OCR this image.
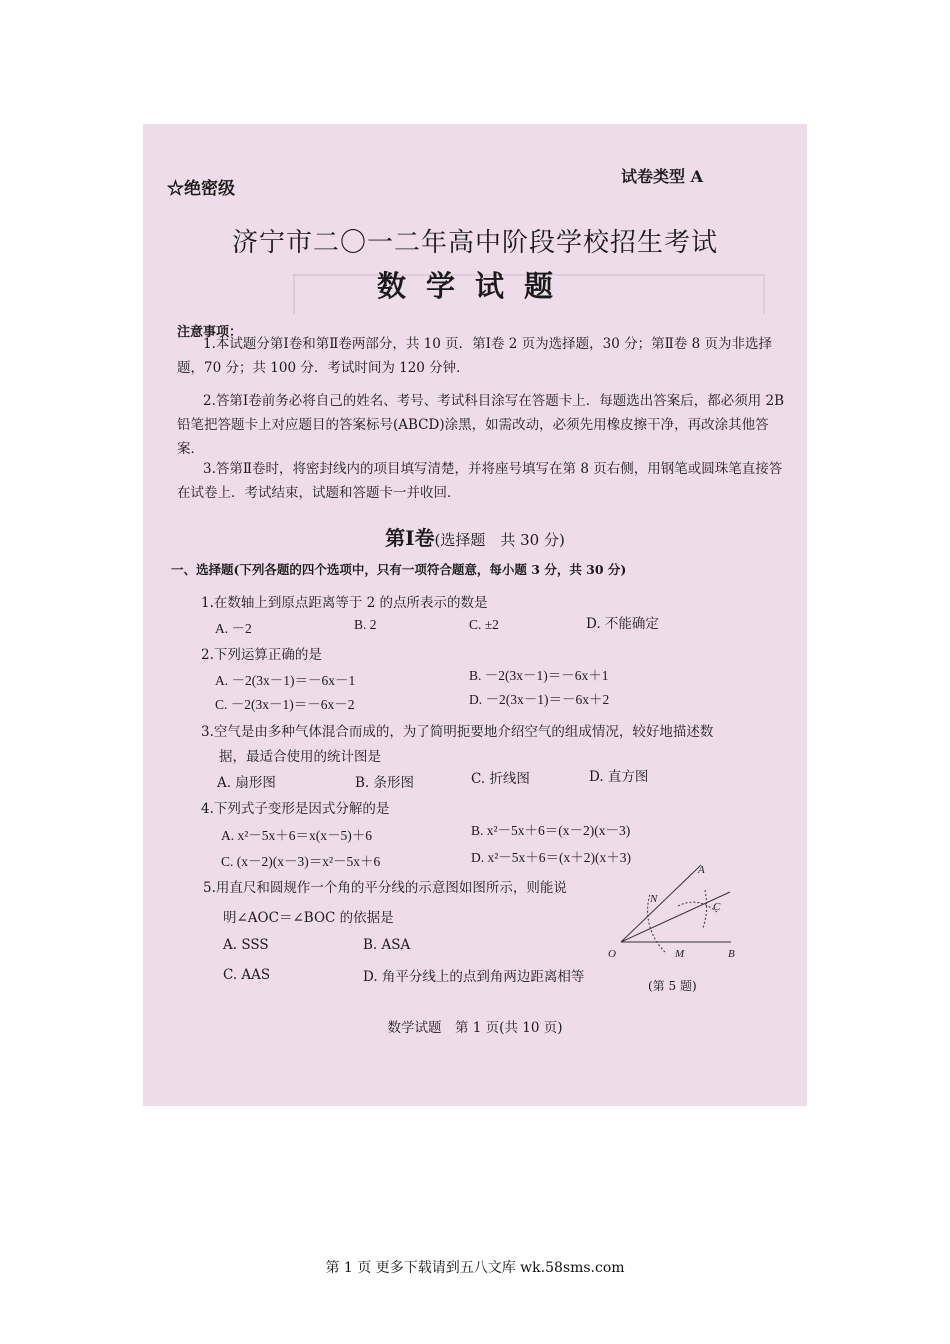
☆绝密级
试卷类型 A
济宁市二〇一二年高中阶段学校招生考试
数学试题
注意事项：
1.本试题分第Ⅰ卷和第Ⅱ卷两部分，共 10 页．第Ⅰ卷 2 页为选择题，30 分；第Ⅱ卷 8 页为非选择题，70 分；共 100 分．考试时间为 120 分钟．
2.答第Ⅰ卷前务必将自己的姓名、考号、考试科目涂写在答题卡上．每题选出答案后，都必须用 2B 铅笔把答题卡上对应题目的答案标号(ABCD)涂黑，如需改动，必须先用橡皮擦干净，再改涂其他答案．
3.答第Ⅱ卷时，将密封线内的项目填写清楚，并将座号填写在第 8 页右侧，用钢笔或圆珠笔直接答在试卷上．考试结束，试题和答题卡一并收回．
第Ⅰ卷(选择题　共 30 分)
一、选择题(下列各题的四个选项中，只有一项符合题意，每小题 3 分，共 30 分)
1.在数轴上到原点距离等于 2 的点所表示的数是
A. －2	B. 2	C. ±2	D. 不能确定
2.下列运算正确的是
A. －2(3x－1)＝－6x－1	B. －2(3x－1)＝－6x＋1
C. －2(3x－1)＝－6x－2	D. －2(3x－1)＝－6x＋2
3.空气是由多种气体混合而成的，为了简明扼要地介绍空气的组成情况，较好地描述数
据，最适合使用的统计图是
A. 扇形图	B. 条形图	C. 折线图	D. 直方图
4.下列式子变形是因式分解的是
A. x²－5x＋6＝x(x－5)＋6	B. x²－5x＋6＝(x－2)(x－3)
C. (x－2)(x－3)＝x²－5x＋6	D. x²－5x＋6＝(x＋2)(x＋3)
5.用直尺和圆规作一个角的平分线的示意图如图所示，则能说
明∠AOC＝∠BOC 的依据是
A. SSS	B. ASA
C. AAS	D. 角平分线上的点到角两边距离相等
A
N
C
O	M	B
(第 5 题)
数学试题　第 1 页(共 10 页)
第 1 页 更多下载请到五八文库 wk.58sms.com
